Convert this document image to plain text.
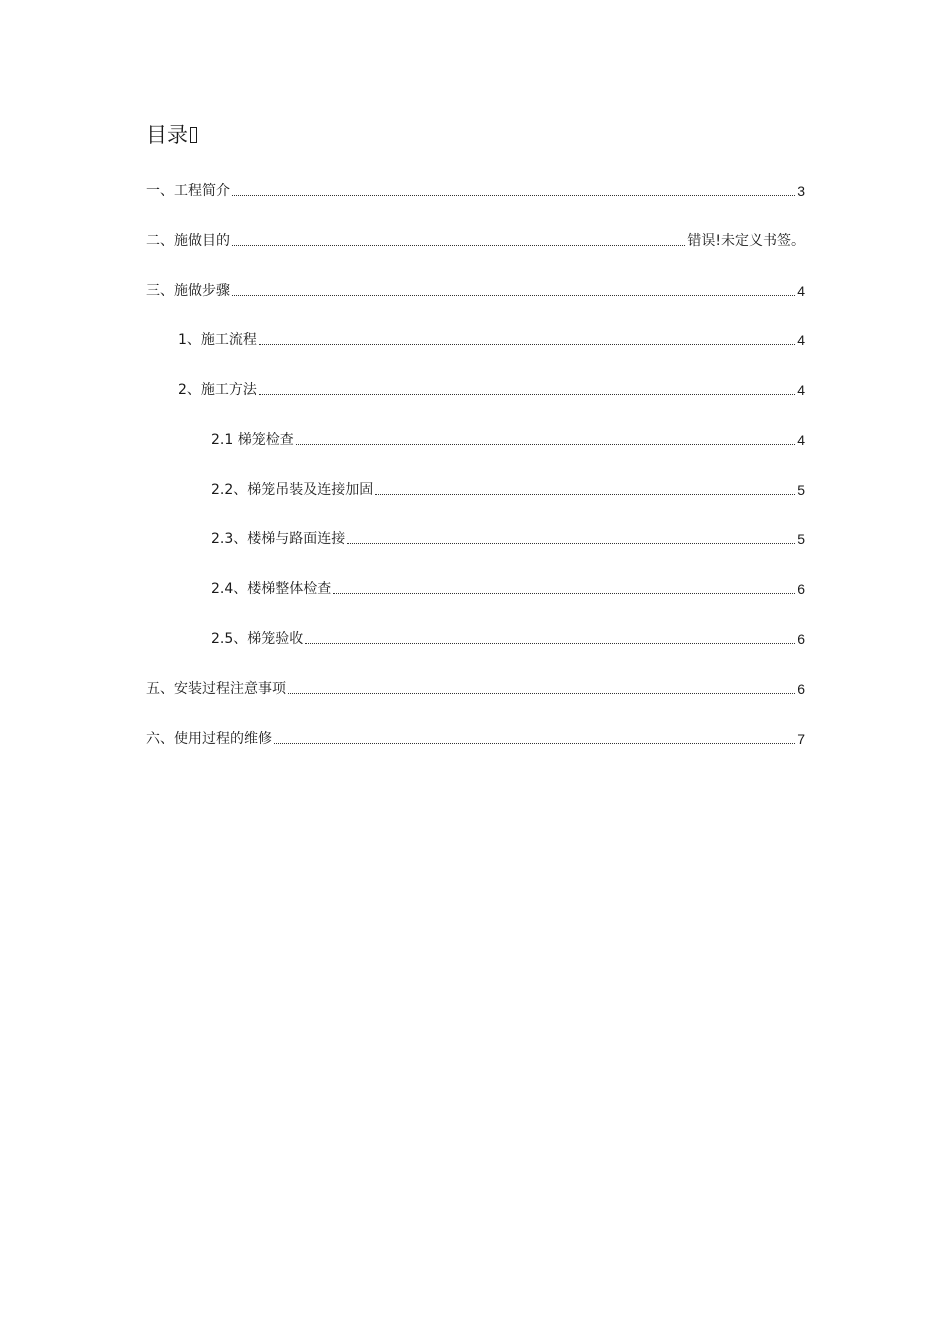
目录
一、工程简介	3
二、施做目的	错误!未定义书签。
三、施做步骤	4
1、施工流程	4
2、施工方法	4
2.1 梯笼检查	4
2.2、梯笼吊装及连接加固	5
2.3、楼梯与路面连接	5
2.4、楼梯整体检查	6
2.5、梯笼验收	6
五、安装过程注意事项	6
六、使用过程的维修	7
